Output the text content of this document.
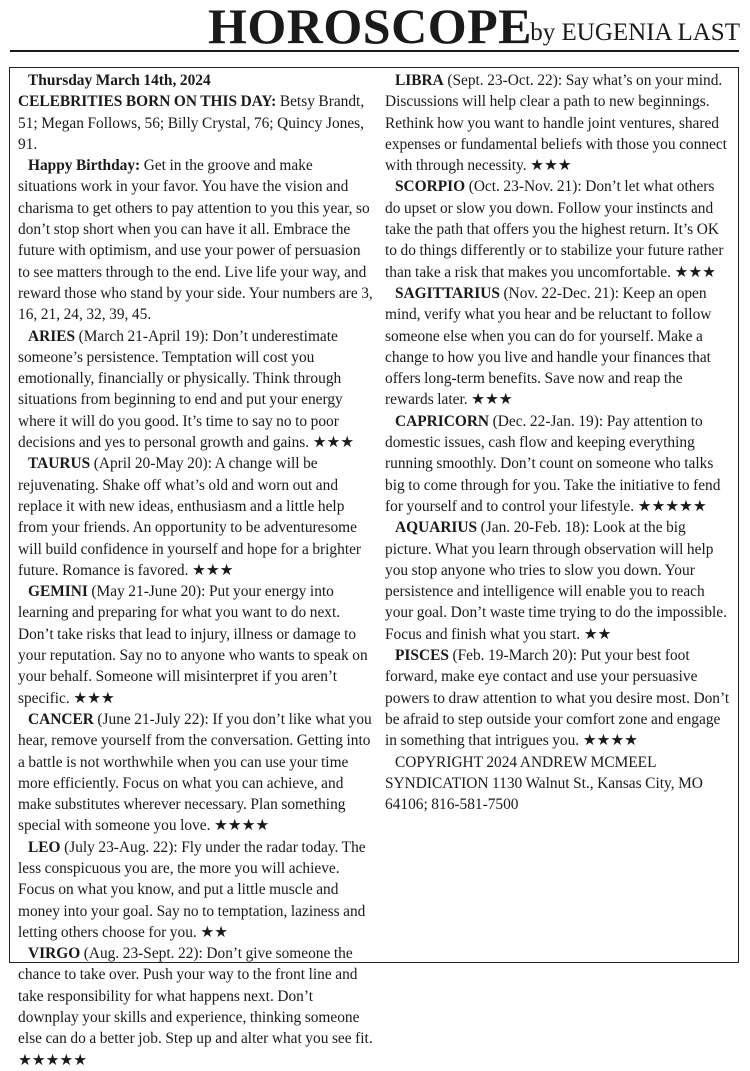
HOROSCOPE
by EUGENIA LAST

Thursday March 14th, 2024

CELEBRITIES BORN ON THIS DAY: Betsy Brandt, 51; Megan Follows, 56; Billy Crystal, 76; Quincy Jones, 91.

Happy Birthday: Get in the groove and make situations work in your favor. You have the vision and charisma to get others to pay attention to you this year, so don’t stop short when you can have it all. Embrace the future with optimism, and use your power of persuasion to see matters through to the end. Live life your way, and reward those who stand by your side. Your numbers are 3, 16, 21, 24, 32, 39, 45.

ARIES (March 21-April 19): Don’t underestimate someone’s persistence. Temptation will cost you emotionally, financially or physically. Think through situations from beginning to end and put your energy where it will do you good. It’s time to say no to poor decisions and yes to personal growth and gains. ★★★

TAURUS (April 20-May 20): A change will be rejuvenating. Shake off what’s old and worn out and replace it with new ideas, enthusiasm and a little help from your friends. An opportunity to be adventuresome will build confidence in yourself and hope for a brighter future. Romance is favored. ★★★

GEMINI (May 21-June 20): Put your energy into learning and preparing for what you want to do next. Don’t take risks that lead to injury, illness or damage to your reputation. Say no to anyone who wants to speak on your behalf. Someone will misinterpret if you aren’t specific. ★★★

CANCER (June 21-July 22): If you don’t like what you hear, remove yourself from the conversation. Getting into a battle is not worthwhile when you can use your time more efficiently. Focus on what you can achieve, and make substitutes wherever necessary. Plan something special with someone you love. ★★★★

LEO (July 23-Aug. 22): Fly under the radar today. The less conspicuous you are, the more you will achieve. Focus on what you know, and put a little muscle and money into your goal. Say no to temptation, laziness and letting others choose for you. ★★

VIRGO (Aug. 23-Sept. 22): Don’t give someone the chance to take over. Push your way to the front line and take responsibility for what happens next. Don’t downplay your skills and experience, thinking someone else can do a better job. Step up and alter what you see fit. ★★★★★

LIBRA (Sept. 23-Oct. 22): Say what’s on your mind. Discussions will help clear a path to new beginnings. Rethink how you want to handle joint ventures, shared expenses or fundamental beliefs with those you connect with through necessity. ★★★

SCORPIO (Oct. 23-Nov. 21): Don’t let what others do upset or slow you down. Follow your instincts and take the path that offers you the highest return. It’s OK to do things differently or to stabilize your future rather than take a risk that makes you uncomfortable. ★★★

SAGITTARIUS (Nov. 22-Dec. 21): Keep an open mind, verify what you hear and be reluctant to follow someone else when you can do for yourself. Make a change to how you live and handle your finances that offers long-term benefits. Save now and reap the rewards later. ★★★

CAPRICORN (Dec. 22-Jan. 19): Pay attention to domestic issues, cash flow and keeping everything running smoothly. Don’t count on someone who talks big to come through for you. Take the initiative to fend for yourself and to control your lifestyle. ★★★★★

AQUARIUS (Jan. 20-Feb. 18): Look at the big picture. What you learn through observation will help you stop anyone who tries to slow you down. Your persistence and intelligence will enable you to reach your goal. Don’t waste time trying to do the impossible. Focus and finish what you start. ★★

PISCES (Feb. 19-March 20): Put your best foot forward, make eye contact and use your persuasive powers to draw attention to what you desire most. Don’t be afraid to step outside your comfort zone and engage in something that intrigues you. ★★★★

COPYRIGHT 2024 ANDREW MCMEEL SYNDICATION 1130 Walnut St., Kansas City, MO 64106; 816-581-7500
